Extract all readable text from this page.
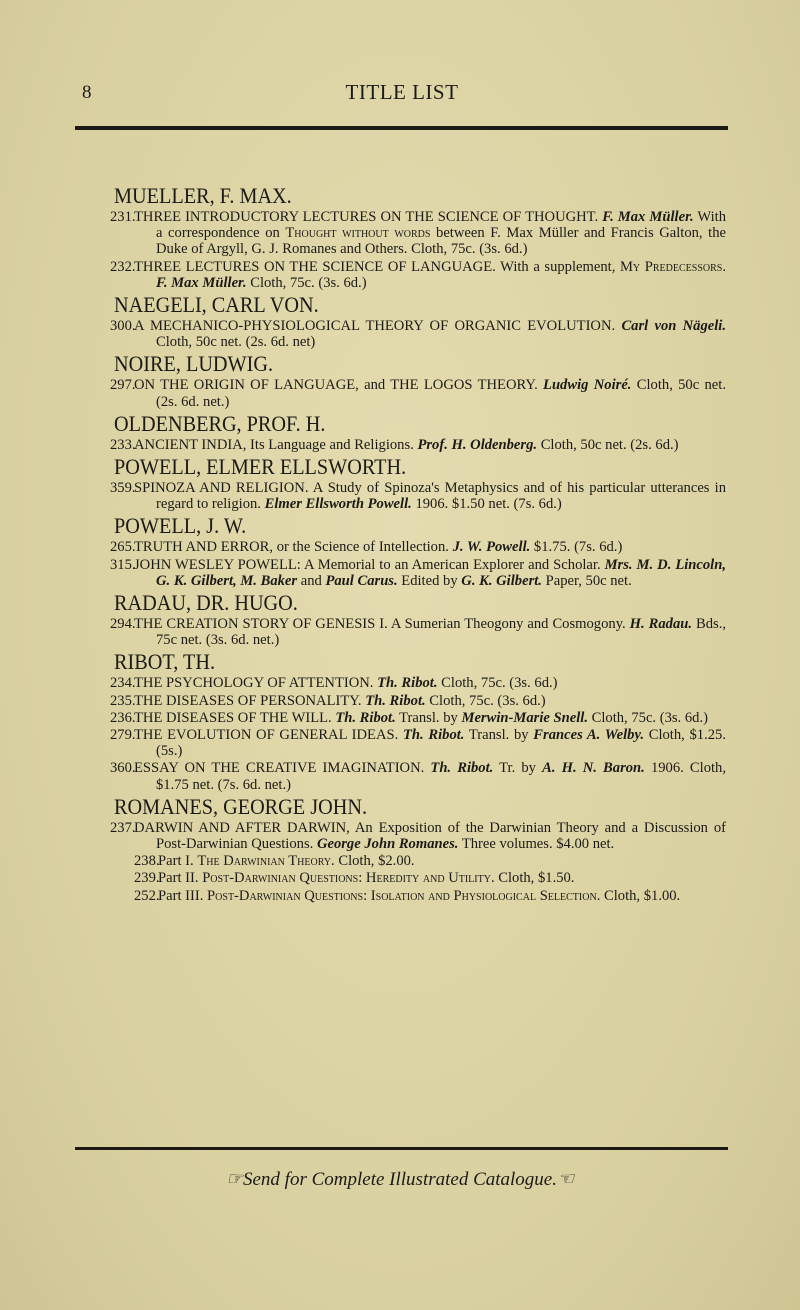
8	TITLE LIST
MUELLER, F. MAX.
231.
THREE INTRODUCTORY LECTURES ON THE SCIENCE OF THOUGHT. F. Max Müller. With a correspondence on Thought without words between F. Max Müller and Francis Galton, the Duke of Argyll, G. J. Romanes and Others. Cloth, 75c. (3s. 6d.)
232.
THREE LECTURES ON THE SCIENCE OF LANGUAGE. With a supplement, My Predecessors. F. Max Müller. Cloth, 75c. (3s. 6d.)
NAEGELI, CARL VON.
300.
A MECHANICO-PHYSIOLOGICAL THEORY OF ORGANIC EVOLUTION. Carl von Nägeli. Cloth, 50c net. (2s. 6d. net)
NOIRE, LUDWIG.
297.
ON THE ORIGIN OF LANGUAGE, and THE LOGOS THEORY. Ludwig Noiré. Cloth, 50c net. (2s. 6d. net.)
OLDENBERG, PROF. H.
233.
ANCIENT INDIA, Its Language and Religions. Prof. H. Oldenberg. Cloth, 50c net. (2s. 6d.)
POWELL, ELMER ELLSWORTH.
359.
SPINOZA AND RELIGION. A Study of Spinoza's Metaphysics and of his particular utterances in regard to religion. Elmer Ellsworth Powell. 1906. $1.50 net. (7s. 6d.)
POWELL, J. W.
265.
TRUTH AND ERROR, or the Science of Intellection. J. W. Powell. $1.75. (7s. 6d.)
315.
JOHN WESLEY POWELL: A Memorial to an American Explorer and Scholar. Mrs. M. D. Lincoln, G. K. Gilbert, M. Baker and Paul Carus. Edited by G. K. Gilbert. Paper, 50c net.
RADAU, DR. HUGO.
294.
THE CREATION STORY OF GENESIS I. A Sumerian Theogony and Cosmogony. H. Radau. Bds., 75c net. (3s. 6d. net.)
RIBOT, TH.
234.
THE PSYCHOLOGY OF ATTENTION. Th. Ribot. Cloth, 75c. (3s. 6d.)
235.
THE DISEASES OF PERSONALITY. Th. Ribot. Cloth, 75c. (3s. 6d.)
236.
THE DISEASES OF THE WILL. Th. Ribot. Transl. by Merwin-Marie Snell. Cloth, 75c. (3s. 6d.)
279.
THE EVOLUTION OF GENERAL IDEAS. Th. Ribot. Transl. by Frances A. Welby. Cloth, $1.25. (5s.)
360.
ESSAY ON THE CREATIVE IMAGINATION. Th. Ribot. Tr. by A. H. N. Baron. 1906. Cloth, $1.75 net. (7s. 6d. net.)
ROMANES, GEORGE JOHN.
237.
DARWIN AND AFTER DARWIN, An Exposition of the Darwinian Theory and a Discussion of Post-Darwinian Questions. George John Romanes. Three volumes. $4.00 net.
238.
Part I. The Darwinian Theory. Cloth, $2.00.
239.
Part II. Post-Darwinian Questions: Heredity and Utility. Cloth, $1.50.
252.
Part III. Post-Darwinian Questions: Isolation and Physiological Selection. Cloth, $1.00.
☞Send for Complete Illustrated Catalogue.☜
